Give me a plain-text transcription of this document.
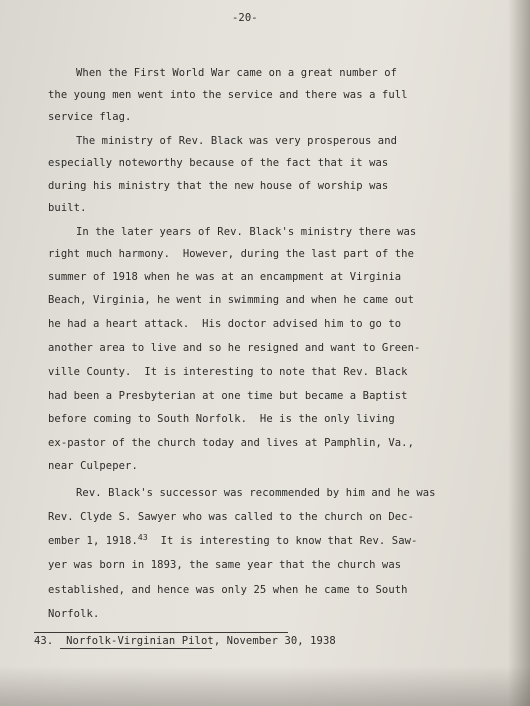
-20-
When the First World War came on a great number of
the young men went into the service and there was a full
service flag.
The ministry of Rev. Black was very prosperous and
especially noteworthy because of the fact that it was
during his ministry that the new house of worship was
built.
In the later years of Rev. Black's ministry there was
right much harmony.  However, during the last part of the
summer of 1918 when he was at an encampment at Virginia
Beach, Virginia, he went in swimming and when he came out
he had a heart attack.  His doctor advised him to go to
another area to live and so he resigned and want to Green-
ville County.  It is interesting to note that Rev. Black
had been a Presbyterian at one time but became a Baptist
before coming to South Norfolk.  He is the only living
ex-pastor of the church today and lives at Pamphlin, Va.,
near Culpeper.
Rev. Black's successor was recommended by him and he was
Rev. Clyde S. Sawyer who was called to the church on Dec-
ember 1, 1918.43 It is interesting to know that Rev. Saw-
yer was born in 1893, the same year that the church was
established, and hence was only 25 when he came to South
Norfolk.
43. Norfolk-Virginian Pilot, November 30, 1938
